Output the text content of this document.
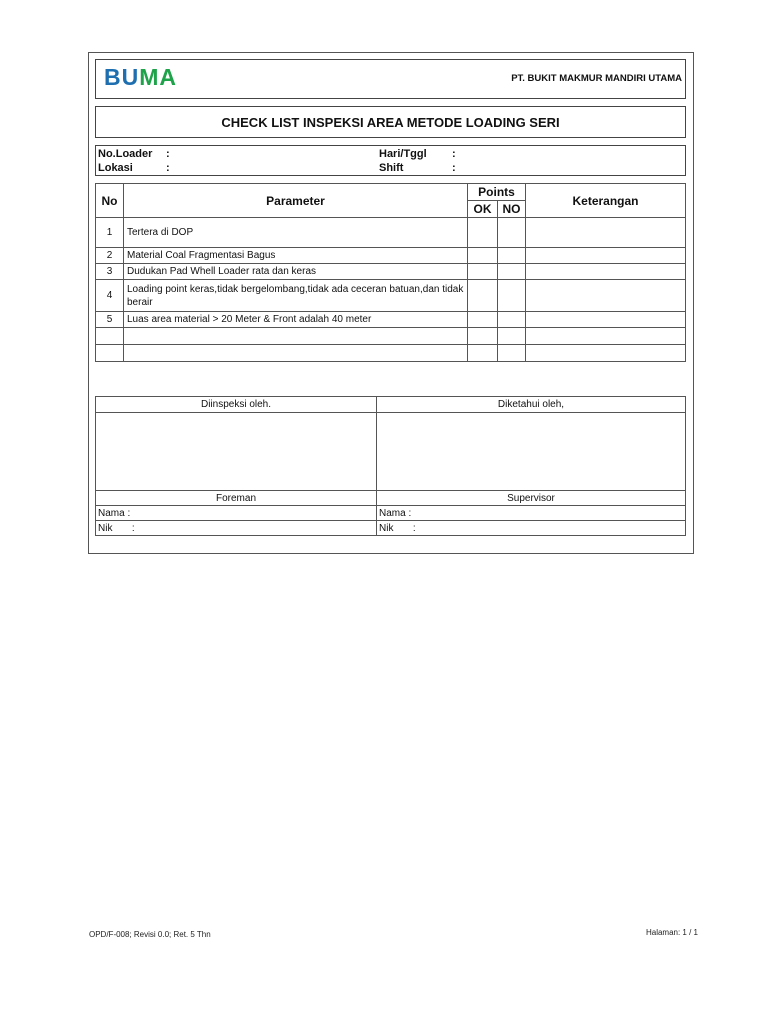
BUMA	PT. BUKIT MAKMUR MANDIRI UTAMA
CHECK LIST INSPEKSI AREA METODE LOADING SERI
No.Loader :
Lokasi	:
Hari/Tggl :
Shift	:
No	Parameter	Points		Keterangan
		OK	NO	
1	Tertera di DOP			
2	Material Coal Fragmentasi Bagus			
3	Dudukan Pad Whell Loader rata dan keras			
4	Loading point keras,tidak bergelombang,tidak ada ceceran batuan,dan tidak berair			
5	Luas area material > 20 Meter & Front adalah 40 meter			

Diinspeksi oleh.	Diketahui oleh,

Foreman	Supervisor
Nama :	Nama :
Nik       :	Nik       :
OPD/F-008; Revisi 0.0; Ret. 5 Thn	Halaman: 1 / 1
